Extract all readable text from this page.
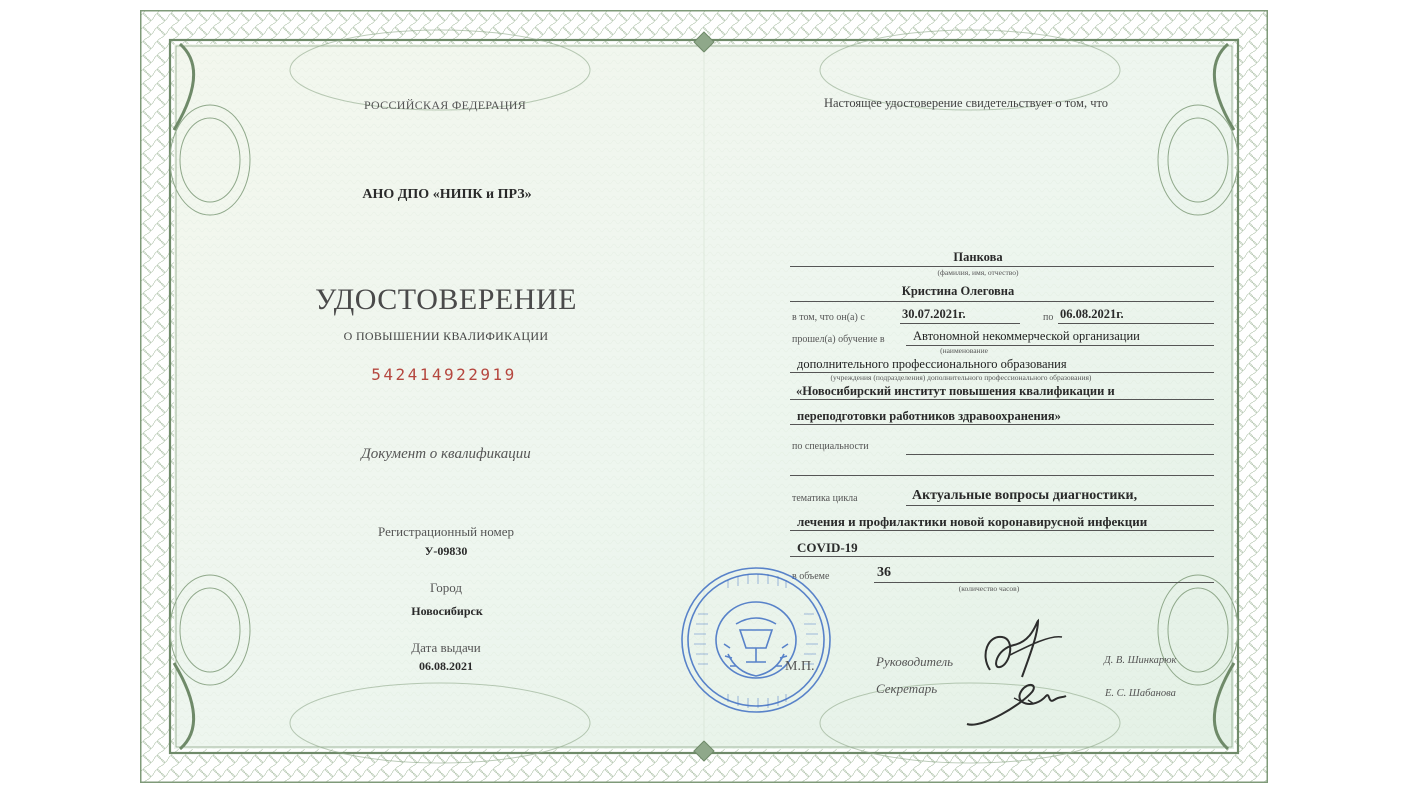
РОССИЙСКАЯ ФЕДЕРАЦИЯ
АНО ДПО «НИПК и ПРЗ»
УДОСТОВЕРЕНИЕ
О ПОВЫШЕНИИ КВАЛИФИКАЦИИ
542414922919
Документ о квалификации
Регистрационный номер
У-09830
Город
Новосибирск
Дата выдачи
06.08.2021
Настоящее удостоверение свидетельствует о том, что
Панкова
(фамилия, имя, отчество)
Кристина Олеговна
в том, что он(а) с	30.07.2021г.	по 06.08.2021г.
прошел(а) обучение в Автономной некоммерческой организации
(наименование
дополнительного профессионального образования
(учреждения (подразделения) дополнительного профессионального образования)
«Новосибирский институт повышения квалификации и
переподготовки работников здравоохранения»
по специальности
тематика цикла	Актуальные вопросы диагностики,
лечения и профилактики новой коронавирусной инфекции
COVID-19
в объеме	36
(количество часов)
М.П.	Руководитель	Д. В. Шинкарюк
Секретарь	Е. С. Шабанова
